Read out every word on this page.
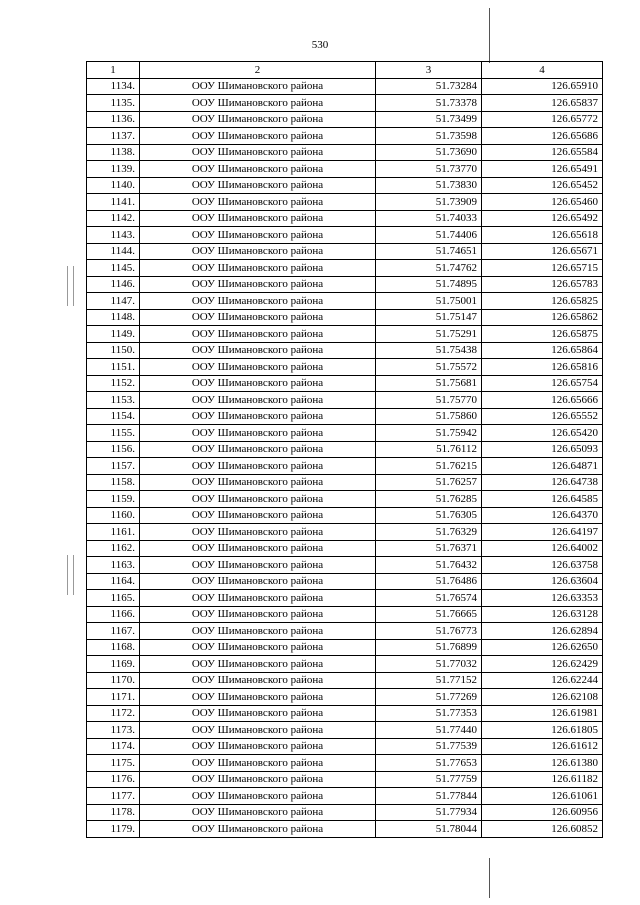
530
1	2	3	4
1134.	ООУ Шимановского района	51.73284	126.65910
1135.	ООУ Шимановского района	51.73378	126.65837
1136.	ООУ Шимановского района	51.73499	126.65772
1137.	ООУ Шимановского района	51.73598	126.65686
1138.	ООУ Шимановского района	51.73690	126.65584
1139.	ООУ Шимановского района	51.73770	126.65491
1140.	ООУ Шимановского района	51.73830	126.65452
1141.	ООУ Шимановского района	51.73909	126.65460
1142.	ООУ Шимановского района	51.74033	126.65492
1143.	ООУ Шимановского района	51.74406	126.65618
1144.	ООУ Шимановского района	51.74651	126.65671
1145.	ООУ Шимановского района	51.74762	126.65715
1146.	ООУ Шимановского района	51.74895	126.65783
1147.	ООУ Шимановского района	51.75001	126.65825
1148.	ООУ Шимановского района	51.75147	126.65862
1149.	ООУ Шимановского района	51.75291	126.65875
1150.	ООУ Шимановского района	51.75438	126.65864
1151.	ООУ Шимановского района	51.75572	126.65816
1152.	ООУ Шимановского района	51.75681	126.65754
1153.	ООУ Шимановского района	51.75770	126.65666
1154.	ООУ Шимановского района	51.75860	126.65552
1155.	ООУ Шимановского района	51.75942	126.65420
1156.	ООУ Шимановского района	51.76112	126.65093
1157.	ООУ Шимановского района	51.76215	126.64871
1158.	ООУ Шимановского района	51.76257	126.64738
1159.	ООУ Шимановского района	51.76285	126.64585
1160.	ООУ Шимановского района	51.76305	126.64370
1161.	ООУ Шимановского района	51.76329	126.64197
1162.	ООУ Шимановского района	51.76371	126.64002
1163.	ООУ Шимановского района	51.76432	126.63758
1164.	ООУ Шимановского района	51.76486	126.63604
1165.	ООУ Шимановского района	51.76574	126.63353
1166.	ООУ Шимановского района	51.76665	126.63128
1167.	ООУ Шимановского района	51.76773	126.62894
1168.	ООУ Шимановского района	51.76899	126.62650
1169.	ООУ Шимановского района	51.77032	126.62429
1170.	ООУ Шимановского района	51.77152	126.62244
1171.	ООУ Шимановского района	51.77269	126.62108
1172.	ООУ Шимановского района	51.77353	126.61981
1173.	ООУ Шимановского района	51.77440	126.61805
1174.	ООУ Шимановского района	51.77539	126.61612
1175.	ООУ Шимановского района	51.77653	126.61380
1176.	ООУ Шимановского района	51.77759	126.61182
1177.	ООУ Шимановского района	51.77844	126.61061
1178.	ООУ Шимановского района	51.77934	126.60956
1179.	ООУ Шимановского района	51.78044	126.60852
